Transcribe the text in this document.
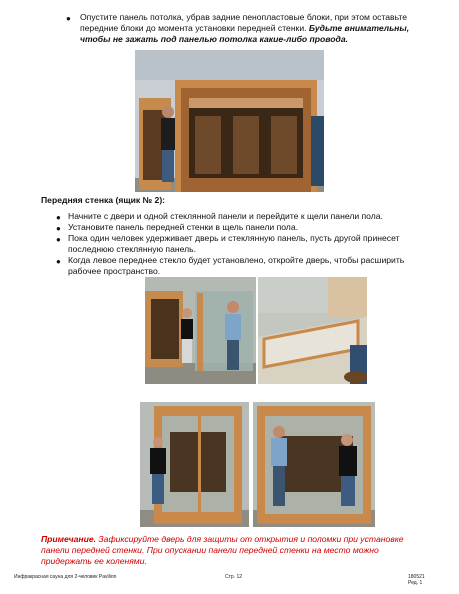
● Опустите панель потолка, убрав задние пенопластовые блоки, при этом оставьте передние блоки до момента установки передней стенки. Будьте внимательны, чтобы не зажать под панелью потолка какие-либо провода.
Передняя стенка (ящик № 2):
● Начните с двери и одной стеклянной панели и перейдите к щели панели пола.
● Установите панель передней стенки в щель панели пола.
● Пока один человек удерживает дверь и стеклянную панель, пусть другой принесет последнюю стеклянную панель.
● Когда левое переднее стекло будет установлено, откройте дверь, чтобы расширить рабочее пространство.
Примечание. Зафиксируйте дверь для защиты от открытия и поломки при установке панели передней стенки. При опускании панели передней стенки на место можно придержать ее коленями.
Инфракрасная сауна для 2-человек Pavilion	Стр. 12	180521
Ред. 1
